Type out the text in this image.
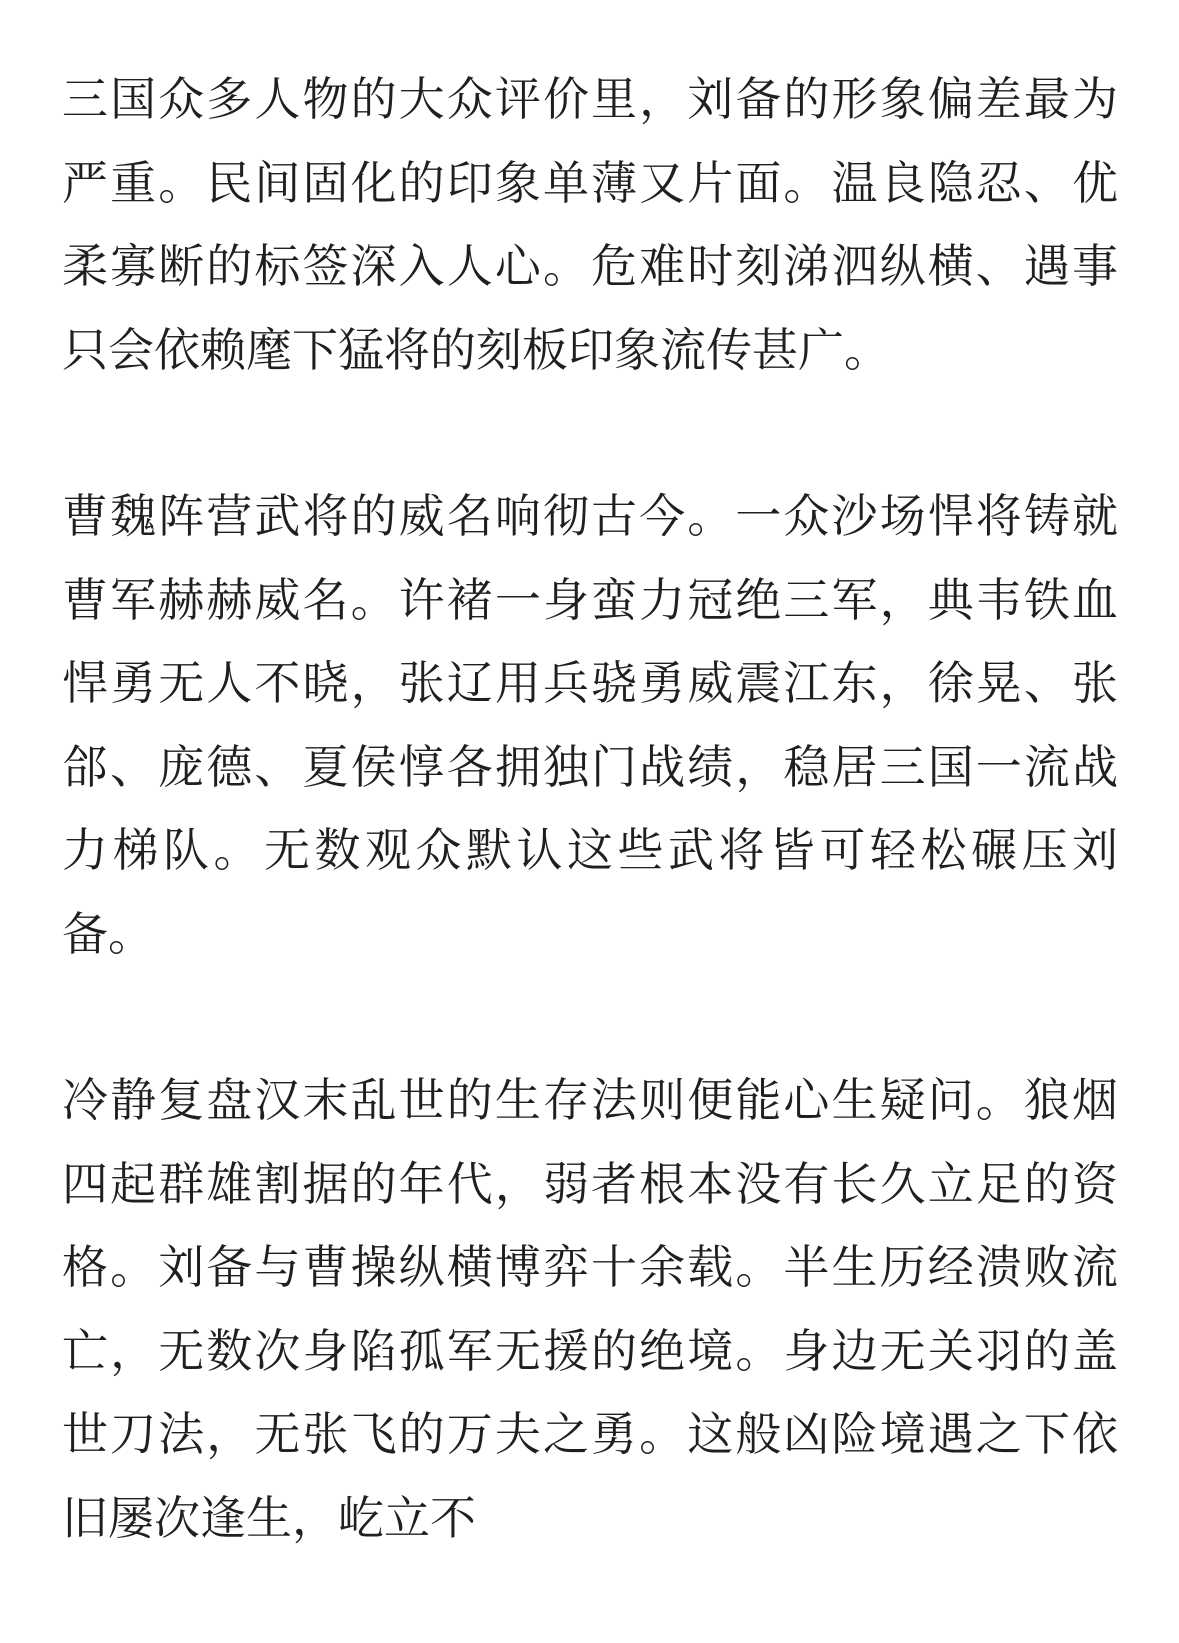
三国众多人物的大众评价里，刘备的形象偏差最为严重。民间固化的印象单薄又片面。温良隐忍、优柔寡断的标签深入人心。危难时刻涕泗纵横、遇事只会依赖麾下猛将的刻板印象流传甚广。

曹魏阵营武将的威名响彻古今。一众沙场悍将铸就曹军赫赫威名。许褚一身蛮力冠绝三军，典韦铁血悍勇无人不晓，张辽用兵骁勇威震江东，徐晃、张郃、庞德、夏侯惇各拥独门战绩，稳居三国一流战力梯队。无数观众默认这些武将皆可轻松碾压刘备。

冷静复盘汉末乱世的生存法则便能心生疑问。狼烟四起群雄割据的年代，弱者根本没有长久立足的资格。刘备与曹操纵横博弈十余载。半生历经溃败流亡，无数次身陷孤军无援的绝境。身边无关羽的盖世刀法，无张飞的万夫之勇。这般凶险境遇之下依旧屡次逢生，屹立不
